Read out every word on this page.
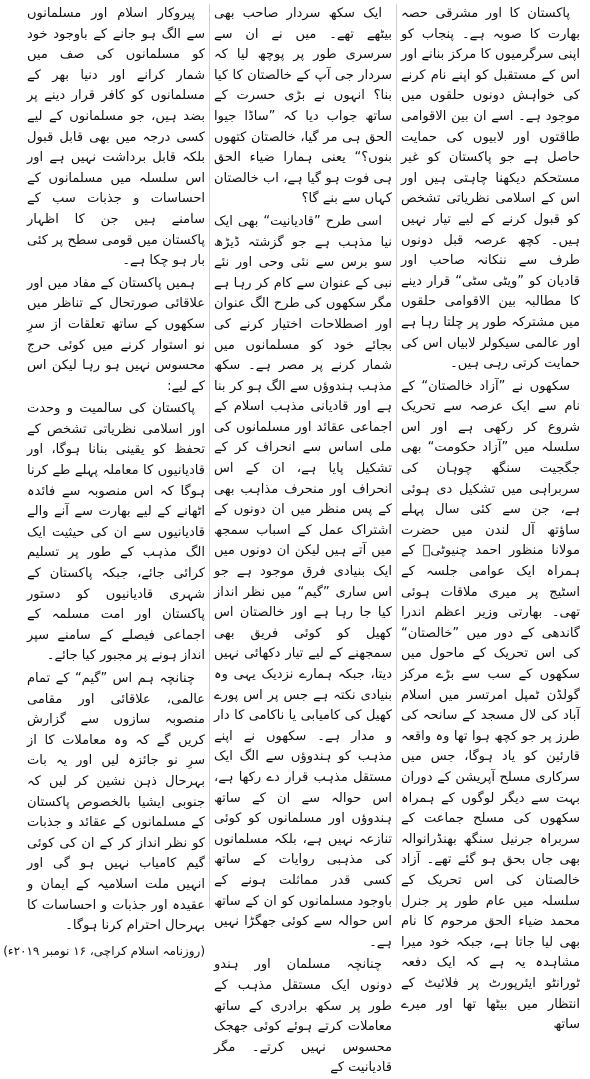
پاکستان کا اور مشرقی حصہ بھارت کا صوبہ ہے۔ پنجاب کو اپنی سرگرمیوں کا مرکز بنانے اور اس کے مستقبل کو اپنے نام کرنے کی خواہش دونوں حلقوں میں موجود ہے۔ اسے ان بین الاقوامی طاقتوں اور لابیوں کی حمایت حاصل ہے جو پاکستان کو غیر مستحکم دیکھنا چاہتی ہیں اور اس کے اسلامی نظریاتی تشخص کو قبول کرنے کے لیے تیار نہیں ہیں۔ کچھ عرصہ قبل دونوں طرف سے ننکانہ صاحب اور قادیان کو ”ویٹی سٹی“ قرار دینے کا مطالبہ بین الاقوامی حلقوں میں مشترکہ طور پر چلتا رہا ہے اور عالمی سیکولر لابیاں اس کی حمایت کرتی رہی ہیں۔

سکھوں نے ”آزاد خالصتان“ کے نام سے ایک عرصہ سے تحریک شروع کر رکھی ہے اور اس سلسلہ میں ”آزاد حکومت“ بھی جگجیت سنگھ چوہان کی سربراہی میں تشکیل دی ہوئی ہے، جن سے کئی سال پہلے ساؤتھ آل لندن میں حضرت مولانا منظور احمد چنیوٹیؒ کے ہمراہ ایک عوامی جلسہ کے اسٹیج پر میری ملاقات ہوئی تھی۔ بھارتی وزیر اعظم اندرا گاندھی کے دور میں ”خالصتان“ کی اس تحریک کے ماحول میں سکھوں کے سب سے بڑے مرکز گولڈن ٹمپل امرتسر میں اسلام آباد کی لال مسجد کے سانحہ کی طرز پر جو کچھ ہوا تھا وہ واقعہ قارئین کو یاد ہوگا، جس میں سرکاری مسلح آپریشن کے دوران بہت سے دیگر لوگوں کے ہمراہ سکھوں کی مسلح جماعت کے سربراہ جرنیل سنگھ بھنڈرانوالہ بھی جاں بحق ہو گئے تھے۔ آزاد خالصتان کی اس تحریک کے سلسلہ میں عام طور پر جنرل محمد ضیاء الحق مرحوم کا نام بھی لیا جاتا ہے، جبکہ خود میرا مشاہدہ یہ ہے کہ ایک دفعہ ٹورانٹو ایئرپورٹ پر فلائیٹ کے انتظار میں بیٹھا تھا اور میرے ساتھ

ایک سکھ سردار صاحب بھی بیٹھے تھے۔ میں نے ان سے سرسری طور پر پوچھ لیا کہ سردار جی آپ کے خالصتان کا کیا بنا؟ انہوں نے بڑی حسرت کے ساتھ جواب دیا کہ ”ساڈا جیوا الحق ہی مر گیا، خالصتان کتھوں بنوں؟“ یعنی ہمارا ضیاء الحق ہی فوت ہو گیا ہے، اب خالصتان کہاں سے بنے گا؟

اسی طرح ”قادیانیت“ بھی ایک نیا مذہب ہے جو گزشتہ ڈیڑھ سو برس سے نئی وحی اور نئے نبی کے عنوان سے کام کر رہا ہے مگر سکھوں کی طرح الگ عنوان اور اصطلاحات اختیار کرنے کی بجائے خود کو مسلمانوں میں شمار کرنے پر مصر ہے۔ سکھ مذہب ہندوؤں سے الگ ہو کر بنا ہے اور قادیانی مذہب اسلام کے اجماعی عقائد اور مسلمانوں کی ملی اساس سے انحراف کر کے تشکیل پایا ہے، ان کے اس انحراف اور منحرف مذاہب بھی کے پس منظر میں ان دونوں کے اشتراک عمل کے اسباب سمجھ میں آتے ہیں لیکن ان دونوں میں ایک بنیادی فرق موجود ہے جو اس ساری ”گیم“ میں نظر انداز کیا جا رہا ہے اور خالصتان اس کھیل کو کوئی فریق بھی سمجھنے کے لیے تیار دکھائی نہیں دیتا، جبکہ ہمارے نزدیک یہی وہ بنیادی نکتہ ہے جس پر اس پورے کھیل کی کامیابی یا ناکامی کا دار و مدار ہے۔ سکھوں نے اپنے مذہب کو ہندوؤں سے الگ ایک مستقل مذہب قرار دے رکھا ہے، اس حوالہ سے ان کے ساتھ ہندوؤں اور مسلمانوں کو کوئی تنازعہ نہیں ہے، بلکہ مسلمانوں کی مذہبی روایات کے ساتھ کسی قدر مماثلت ہونے کے باوجود مسلمانوں کو ان کے ساتھ اس حوالہ سے کوئی جھگڑا نہیں ہے۔

چنانچہ مسلمان اور ہندو دونوں ایک مستقل مذہب کے طور پر سکھ برادری کے ساتھ معاملات کرتے ہوئے کوئی جھجک محسوس نہیں کرتے۔ مگر قادیانیت کے

پیروکار اسلام اور مسلمانوں سے الگ ہو جانے کے باوجود خود کو مسلمانوں کی صف میں شمار کرانے اور دنیا بھر کے مسلمانوں کو کافر قرار دینے پر بضد ہیں، جو مسلمانوں کے لیے کسی درجہ میں بھی قابل قبول بلکہ قابل برداشت نہیں ہے اور اس سلسلہ میں مسلمانوں کے احساسات و جذبات سب کے سامنے ہیں جن کا اظہار پاکستان میں قومی سطح پر کئی بار ہو چکا ہے۔

ہمیں پاکستان کے مفاد میں اور علاقائی صورتحال کے تناظر میں سکھوں کے ساتھ تعلقات از سرِ نو استوار کرنے میں کوئی حرج محسوس نہیں ہو رہا لیکن اس کے لیے:

پاکستان کی سالمیت و وحدت اور اسلامی نظریاتی تشخص کے تحفظ کو یقینی بنانا ہوگا، اور قادیانیوں کا معاملہ پہلے طے کرنا ہوگا کہ اس منصوبہ سے فائدہ اٹھانے کے لیے بھارت سے آنے والے قادیانیوں سے ان کی حیثیت ایک الگ مذہب کے طور پر تسلیم کرائی جائے، جبکہ پاکستان کے شہری قادیانیوں کو دستور پاکستان اور امت مسلمہ کے اجماعی فیصلے کے سامنے سپر انداز ہونے پر مجبور کیا جائے۔

چنانچہ ہم اس ”گیم“ کے تمام عالمی، علاقائی اور مقامی منصوبہ سازوں سے گزارش کریں گے کہ وہ معاملات کا از سرِ نو جائزہ لیں اور یہ بات بہرحال ذہن نشین کر لیں کہ جنوبی ایشیا بالخصوص پاکستان کے مسلمانوں کے عقائد و جذبات کو نظر انداز کر کے ان کی کوئی گیم کامیاب نہیں ہو گی اور انہیں ملت اسلامیہ کے ایمان و عقیدہ اور جذبات و احساسات کا بہرحال احترام کرنا ہوگا۔

(روزنامہ اسلام کراچی، ۱۶ نومبر ۲۰۱۹ء)
